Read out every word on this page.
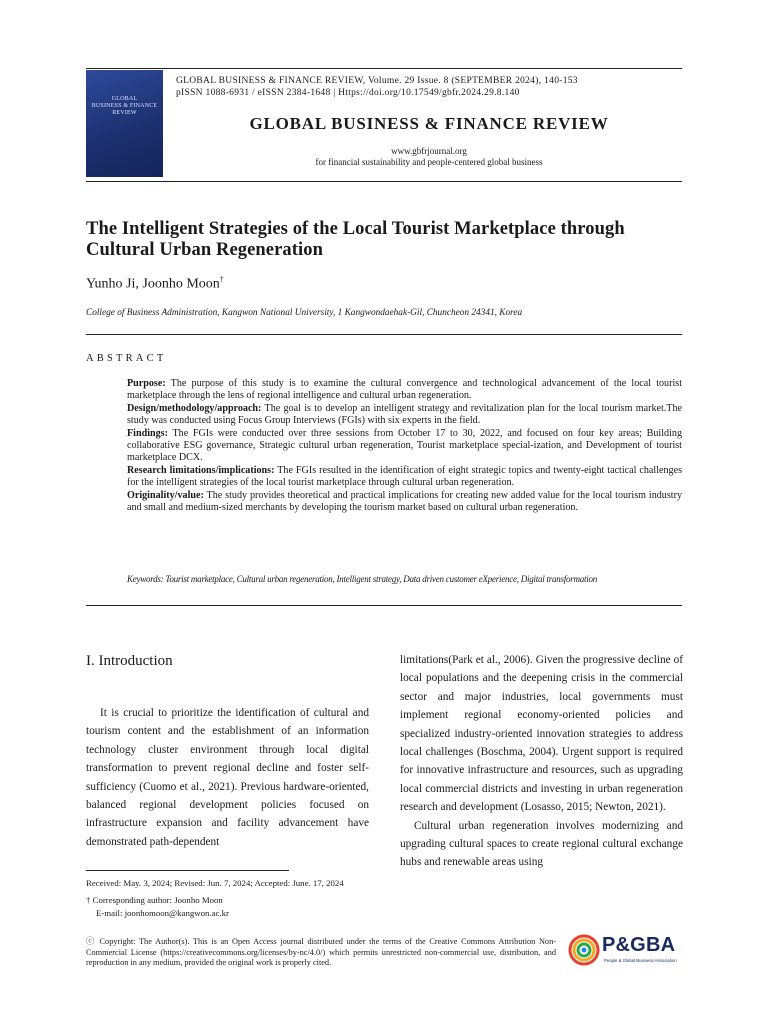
GLOBAL
BUSINESS & FINANCE
REVIEW
GLOBAL BUSINESS & FINANCE REVIEW, Volume. 29 Issue. 8 (SEPTEMBER 2024), 140-153
pISSN 1088-6931 / eISSN 2384-1648 | Https://doi.org/10.17549/gbfr.2024.29.8.140
GLOBAL BUSINESS & FINANCE REVIEW
www.gbfrjournal.org
for financial sustainability and people-centered global business
The Intelligent Strategies of the Local Tourist Marketplace through Cultural Urban Regeneration
Yunho Ji, Joonho Moon†
College of Business Administration, Kangwon National University, 1 Kangwondaehak-Gil, Chuncheon 24341, Korea
ABSTRACT

Purpose: The purpose of this study is to examine the cultural convergence and technological advancement of the local tourist marketplace through the lens of regional intelligence and cultural urban regeneration.

Design/methodology/approach: The goal is to develop an intelligent strategy and revitalization plan for the local tourism market.The study was conducted using Focus Group Interviews (FGIs) with six experts in the field.

Findings: The FGIs were conducted over three sessions from October 17 to 30, 2022, and focused on four key areas; Building collaborative ESG governance, Strategic cultural urban regeneration, Tourist marketplace special-ization, and Development of tourist marketplace DCX.

Research limitations/implications: The FGIs resulted in the identification of eight strategic topics and twenty-eight tactical challenges for the intelligent strategies of the local tourist marketplace through cultural urban regeneration.

Originality/value: The study provides theoretical and practical implications for creating new added value for the local tourism industry and small and medium-sized merchants by developing the tourism market based on cultural urban regeneration.

Keywords: Tourist marketplace, Cultural urban regeneration, Intelligent strategy, Data driven customer eXperience, Digital transformation
I. Introduction

It is crucial to prioritize the identification of cultural and tourism content and the establishment of an information technology cluster environment through local digital transformation to prevent regional decline and foster self-sufficiency (Cuomo et al., 2021). Previous hardware-oriented, balanced regional development policies focused on infrastructure expansion and facility advancement have demonstrated path-dependent

limitations(Park et al., 2006). Given the progressive decline of local populations and the deepening crisis in the commercial sector and major industries, local governments must implement regional economy-oriented policies and specialized industry-oriented innovation strategies to address local challenges (Boschma, 2004). Urgent support is required for innovative infrastructure and resources, such as upgrading local commercial districts and investing in urban regeneration research and development (Losasso, 2015; Newton, 2021).

Cultural urban regeneration involves modernizing and upgrading cultural spaces to create regional cultural exchange hubs and renewable areas using

Received: May. 3, 2024; Revised: Jun. 7, 2024; Accepted: June. 17, 2024
† Corresponding author: Joonho Moon
E-mail: joonhomoon@kangwon.ac.kr
ⓒ Copyright: The Author(s). This is an Open Access journal distributed under the terms of the Creative Commons Attribution Non-Commercial License (https://creativecommons.org/licenses/by-nc/4.0/) which permits unrestricted non-commercial use, distribution, and reproduction in any medium, provided the original work is properly cited.
P&GBA
People & Global Business Association
